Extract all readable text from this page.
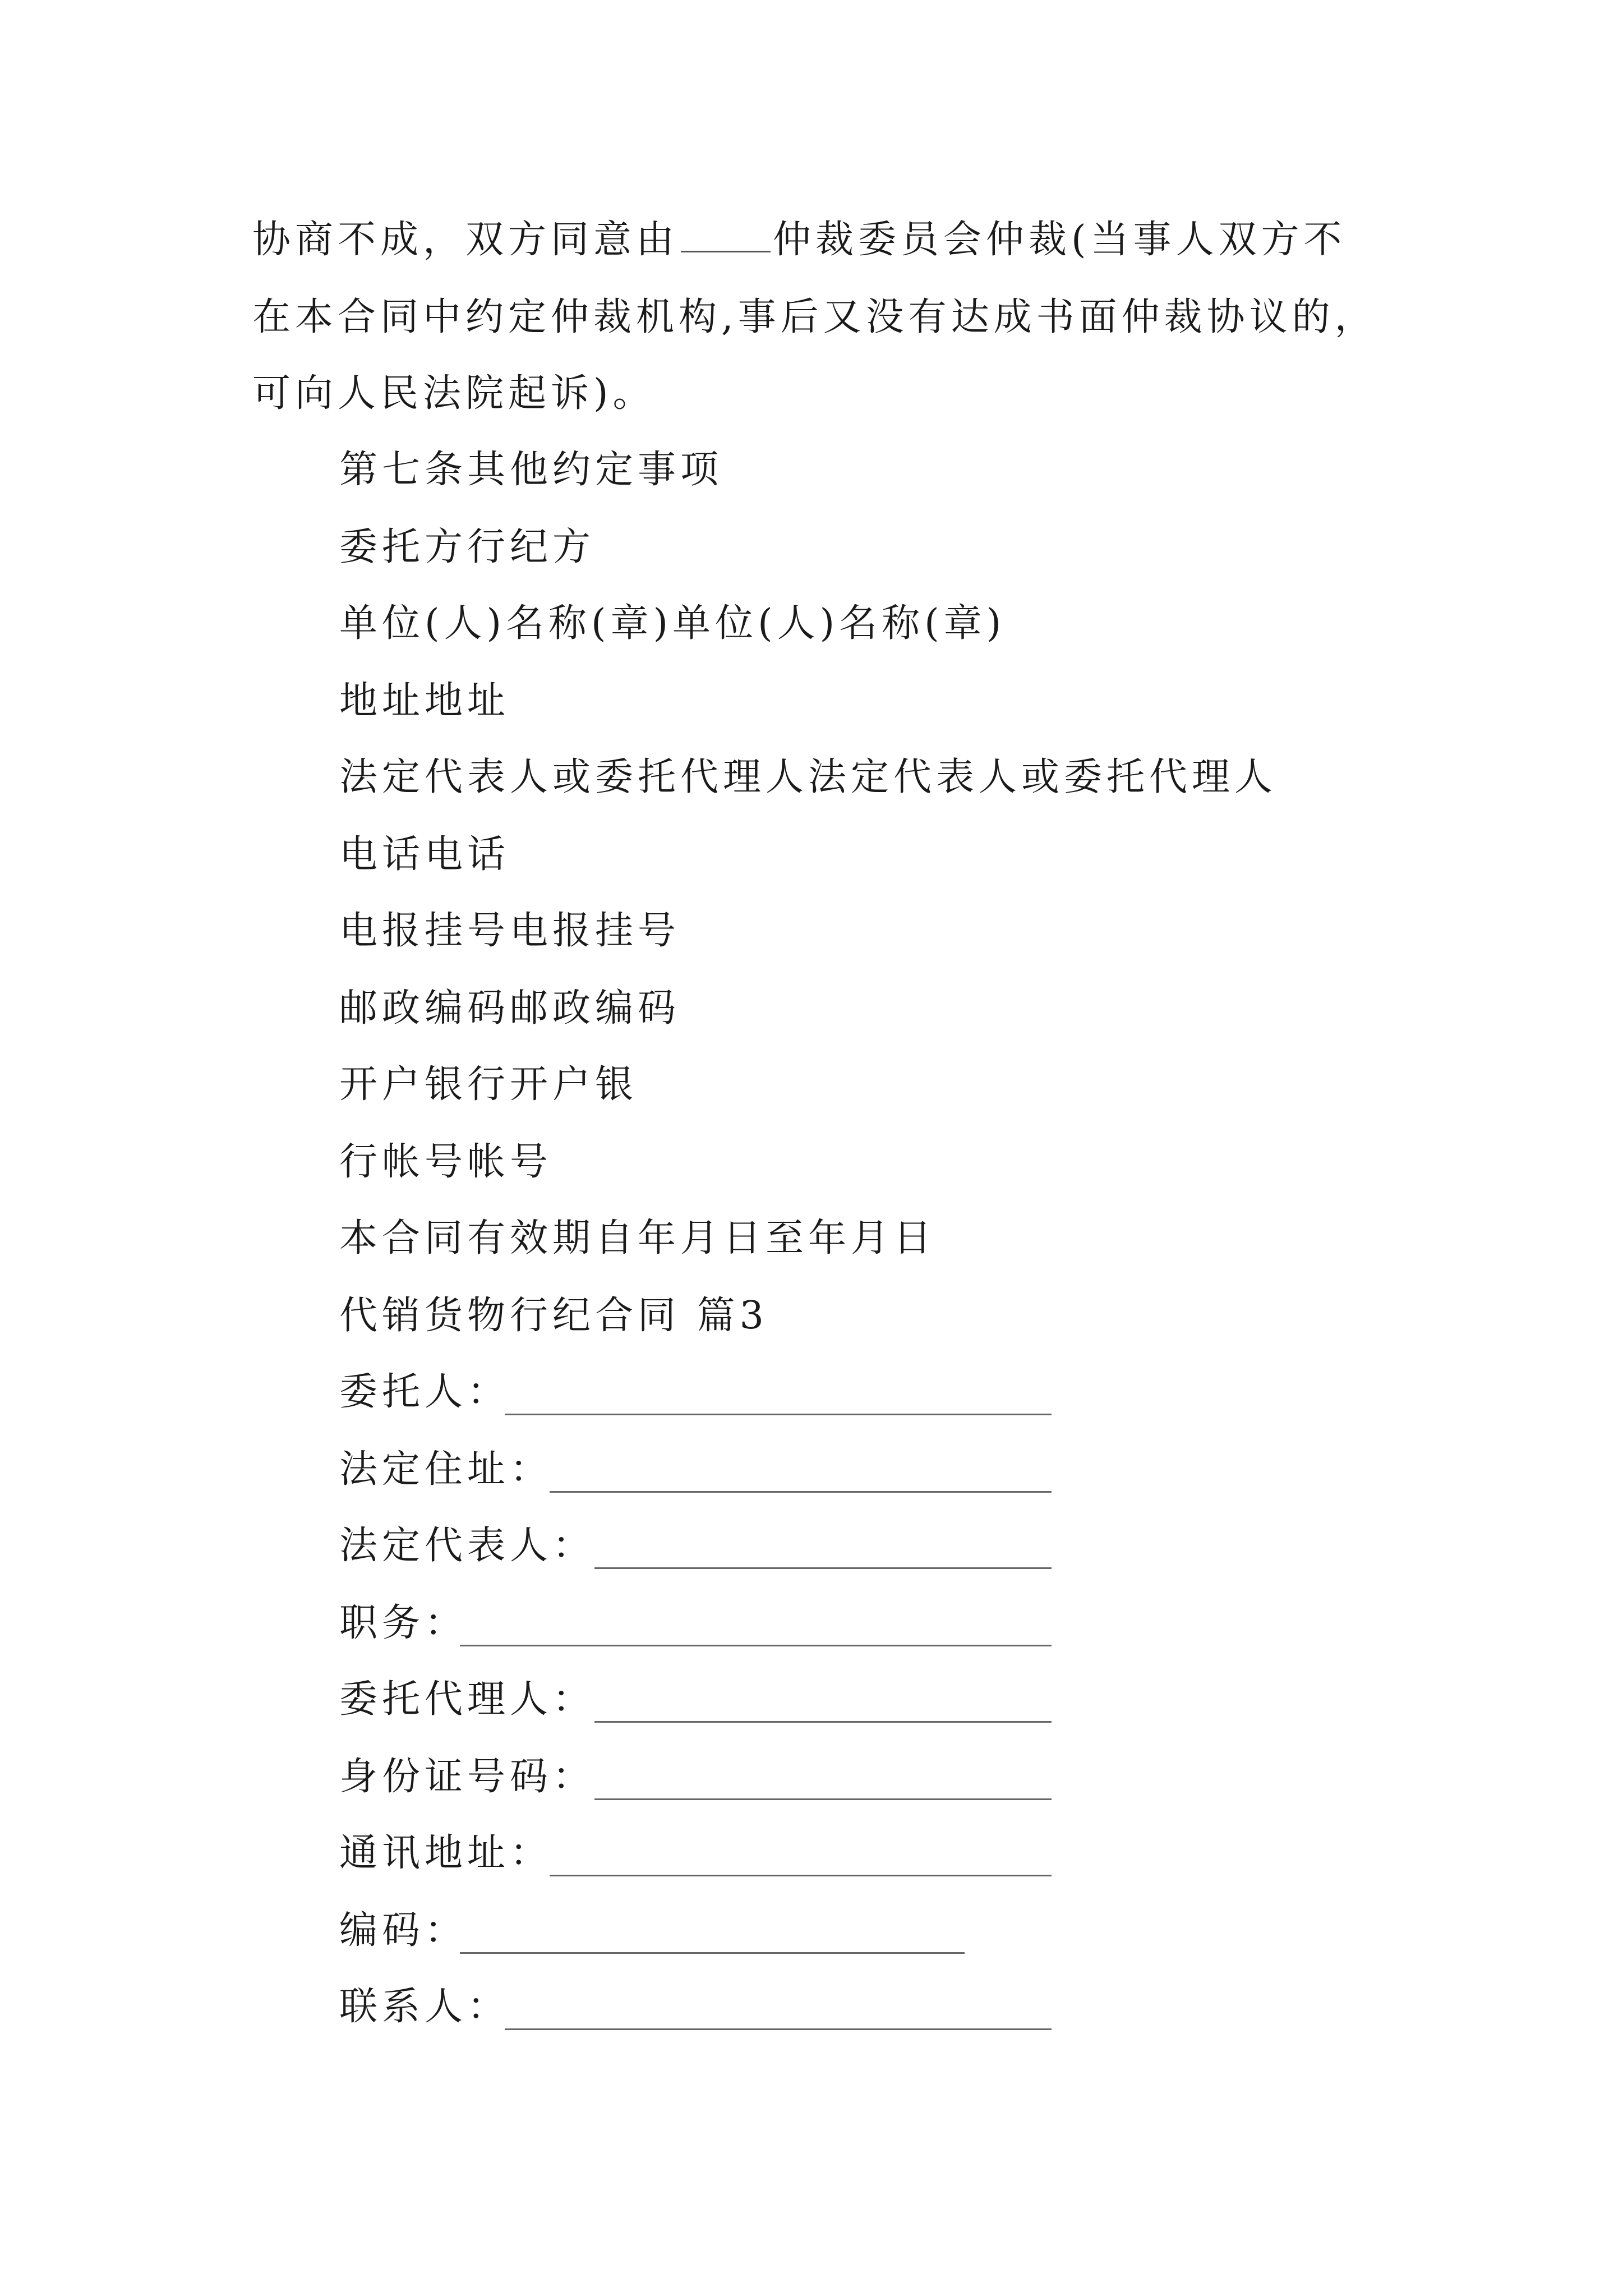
协商不成，双方同意由 仲裁委员会仲裁(当事人双方不
在本合同中约定仲裁机构,事后又没有达成书面仲裁协议的，
可向人民法院起诉)。
第七条其他约定事项
委托方行纪方
单位(人)名称(章)单位(人)名称(章)
地址地址
法定代表人或委托代理人法定代表人或委托代理人
电话电话
电报挂号电报挂号
邮政编码邮政编码
开户银行开户银
行帐号帐号
本合同有效期自年月日至年月日
代销货物行纪合同 篇3
委托人：
法定住址：
法定代表人：
职务：
委托代理人：
身份证号码：
通讯地址：
编码：
联系人：
